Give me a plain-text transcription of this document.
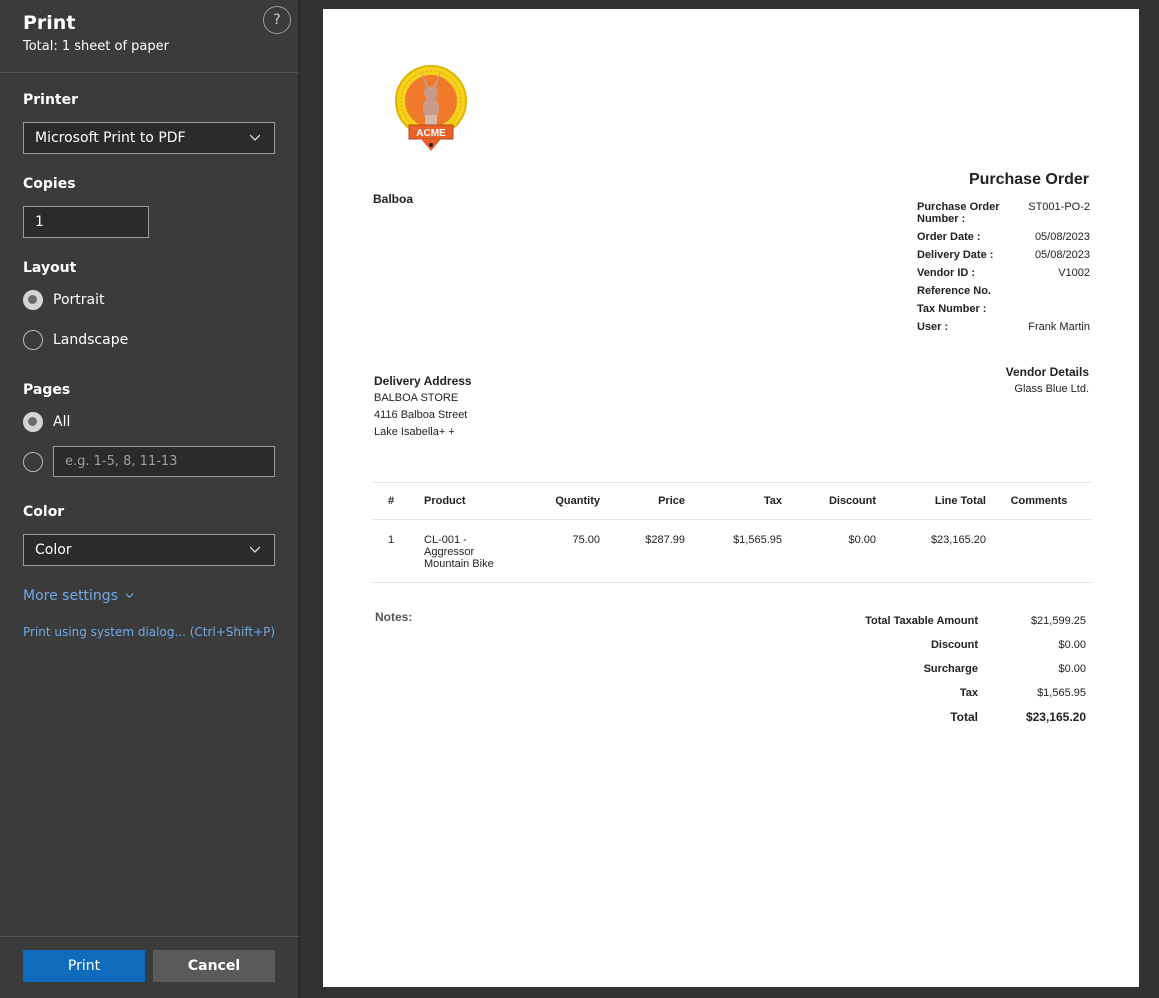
Print
Total: 1 sheet of paper
?
Printer
Microsoft Print to PDF
Copies
1
Layout
Portrait
Landscape
Pages
All
e.g. 1-5, 8, 11-13
Color
Color
More settings
Print using system dialog... (Ctrl+Shift+P)
Print	Cancel
ACME
Purchase Order
Balboa
Purchase Order Number :
ST001-PO-2
Order Date :	05/08/2023
Delivery Date :	05/08/2023
Vendor ID :	V1002
Reference No.
Tax Number :
User :	Frank Martin
Delivery Address
BALBOA STORE
4116 Balboa Street
Lake Isabella+ +
Vendor Details
Glass Blue Ltd.
#	Product	Quantity	Price	Tax	Discount	Line Total	Comments
1	CL-001 - Aggressor Mountain Bike	75.00	$287.99	$1,565.95	$0.00	$23,165.20	
Notes:	Total Taxable Amount	$21,599.25
Discount	$0.00
Surcharge	$0.00
Tax	$1,565.95
Total	$23,165.20
